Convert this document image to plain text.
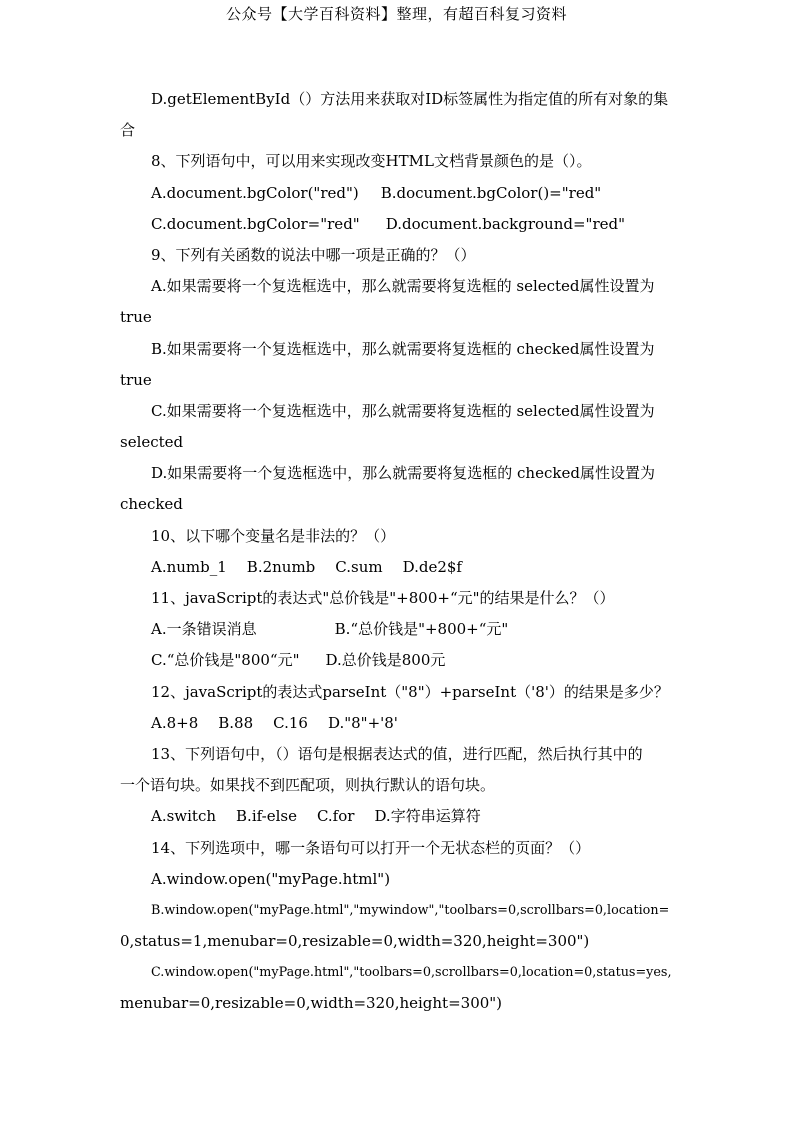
公众号【大学百科资料】整理，有超百科复习资料
D.getElementById（）方法用来获取对ID标签属性为指定值的所有对象的集
合
8、下列语句中，可以用来实现改变HTML文档背景颜色的是（）。
A.document.bgColor("red") B.document.bgColor()="red"
C.document.bgColor="red" D.document.background="red"
9、下列有关函数的说法中哪一项是正确的？（）
A.如果需要将一个复选框选中，那么就需要将复选框的 selected属性设置为
true
B.如果需要将一个复选框选中，那么就需要将复选框的 checked属性设置为
true
C.如果需要将一个复选框选中，那么就需要将复选框的 selected属性设置为
selected
D.如果需要将一个复选框选中，那么就需要将复选框的 checked属性设置为
checked
10、以下哪个变量名是非法的？（）
A.numb_1 B.2numb C.sum D.de2$f
11、javaScript的表达式"总价钱是"+800+“元"的结果是什么？（）
A.一条错误消息	B.“总价钱是"+800+“元"
C.“总价钱是"800“元" D.总价钱是800元
12、javaScript的表达式parseInt（"8"）+parseInt（'8'）的结果是多少？
A.8+8 B.88 C.16 D."8"+'8'
13、下列语句中，（）语句是根据表达式的值，进行匹配，然后执行其中的
一个语句块。如果找不到匹配项，则执行默认的语句块。
A.switch B.if-else C.for D.字符串运算符
14、下列选项中，哪一条语句可以打开一个无状态栏的页面？（）
A.window.open("myPage.html")
B.window.open("myPage.html","mywindow","toolbars=0,scrollbars=0,location=
0,status=1,menubar=0,resizable=0,width=320,height=300")
C.window.open("myPage.html","toolbars=0,scrollbars=0,location=0,status=yes,
menubar=0,resizable=0,width=320,height=300")
